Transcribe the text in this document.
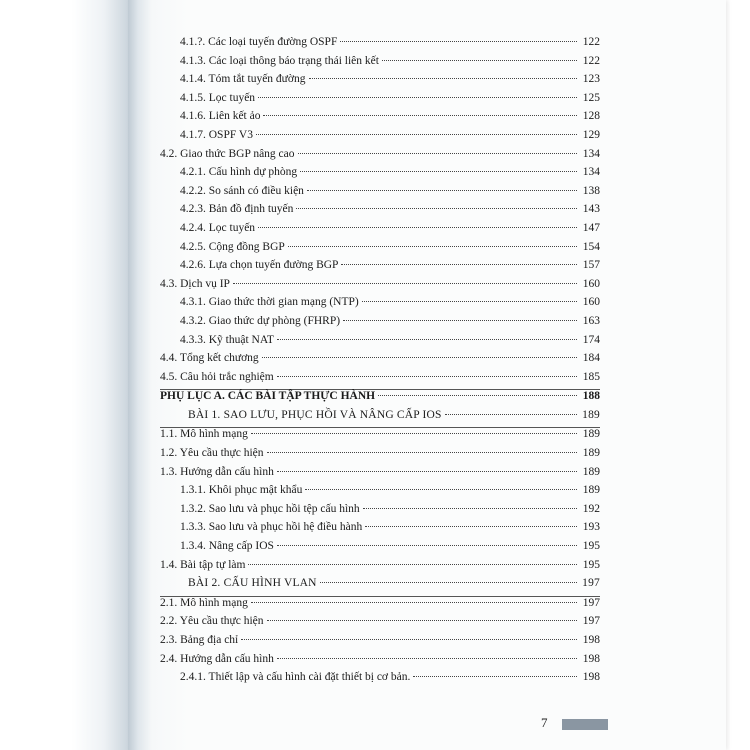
4.1.?. Các loại tuyến đường OSPF	122
4.1.3. Các loại thông báo trạng thái liên kết	122
4.1.4. Tóm tắt tuyến đường	123
4.1.5. Lọc tuyến	125
4.1.6. Liên kết ảo	128
4.1.7. OSPF V3	129
4.2. Giao thức BGP nâng cao	134
4.2.1. Cấu hình dự phòng	134
4.2.2. So sánh có điều kiện	138
4.2.3. Bản đồ định tuyến	143
4.2.4. Lọc tuyến	147
4.2.5. Cộng đồng BGP	154
4.2.6. Lựa chọn tuyến đường BGP	157
4.3. Dịch vụ IP	160
4.3.1. Giao thức thời gian mạng (NTP)	160
4.3.2. Giao thức dự phòng (FHRP)	163
4.3.3. Kỹ thuật NAT	174
4.4. Tổng kết chương	184
4.5. Câu hỏi trắc nghiệm	185
PHỤ LỤC A. CÁC BÀI TẬP THỰC HÀNH	188
BÀI 1. SAO LƯU, PHỤC HỒI VÀ NÂNG CẤP IOS	189
1.1. Mô hình mạng	189
1.2. Yêu cầu thực hiện	189
1.3. Hướng dẫn cấu hình	189
1.3.1. Khôi phục mật khẩu	189
1.3.2. Sao lưu và phục hồi tệp cấu hình	192
1.3.3. Sao lưu và phục hồi hệ điều hành	193
1.3.4. Nâng cấp IOS	195
1.4. Bài tập tự làm	195
BÀI 2. CẤU HÌNH VLAN	197
2.1. Mô hình mạng	197
2.2. Yêu cầu thực hiện	197
2.3. Bảng địa chỉ	198
2.4. Hướng dẫn cấu hình	198
2.4.1. Thiết lập và cấu hình cài đặt thiết bị cơ bản.	198
7
